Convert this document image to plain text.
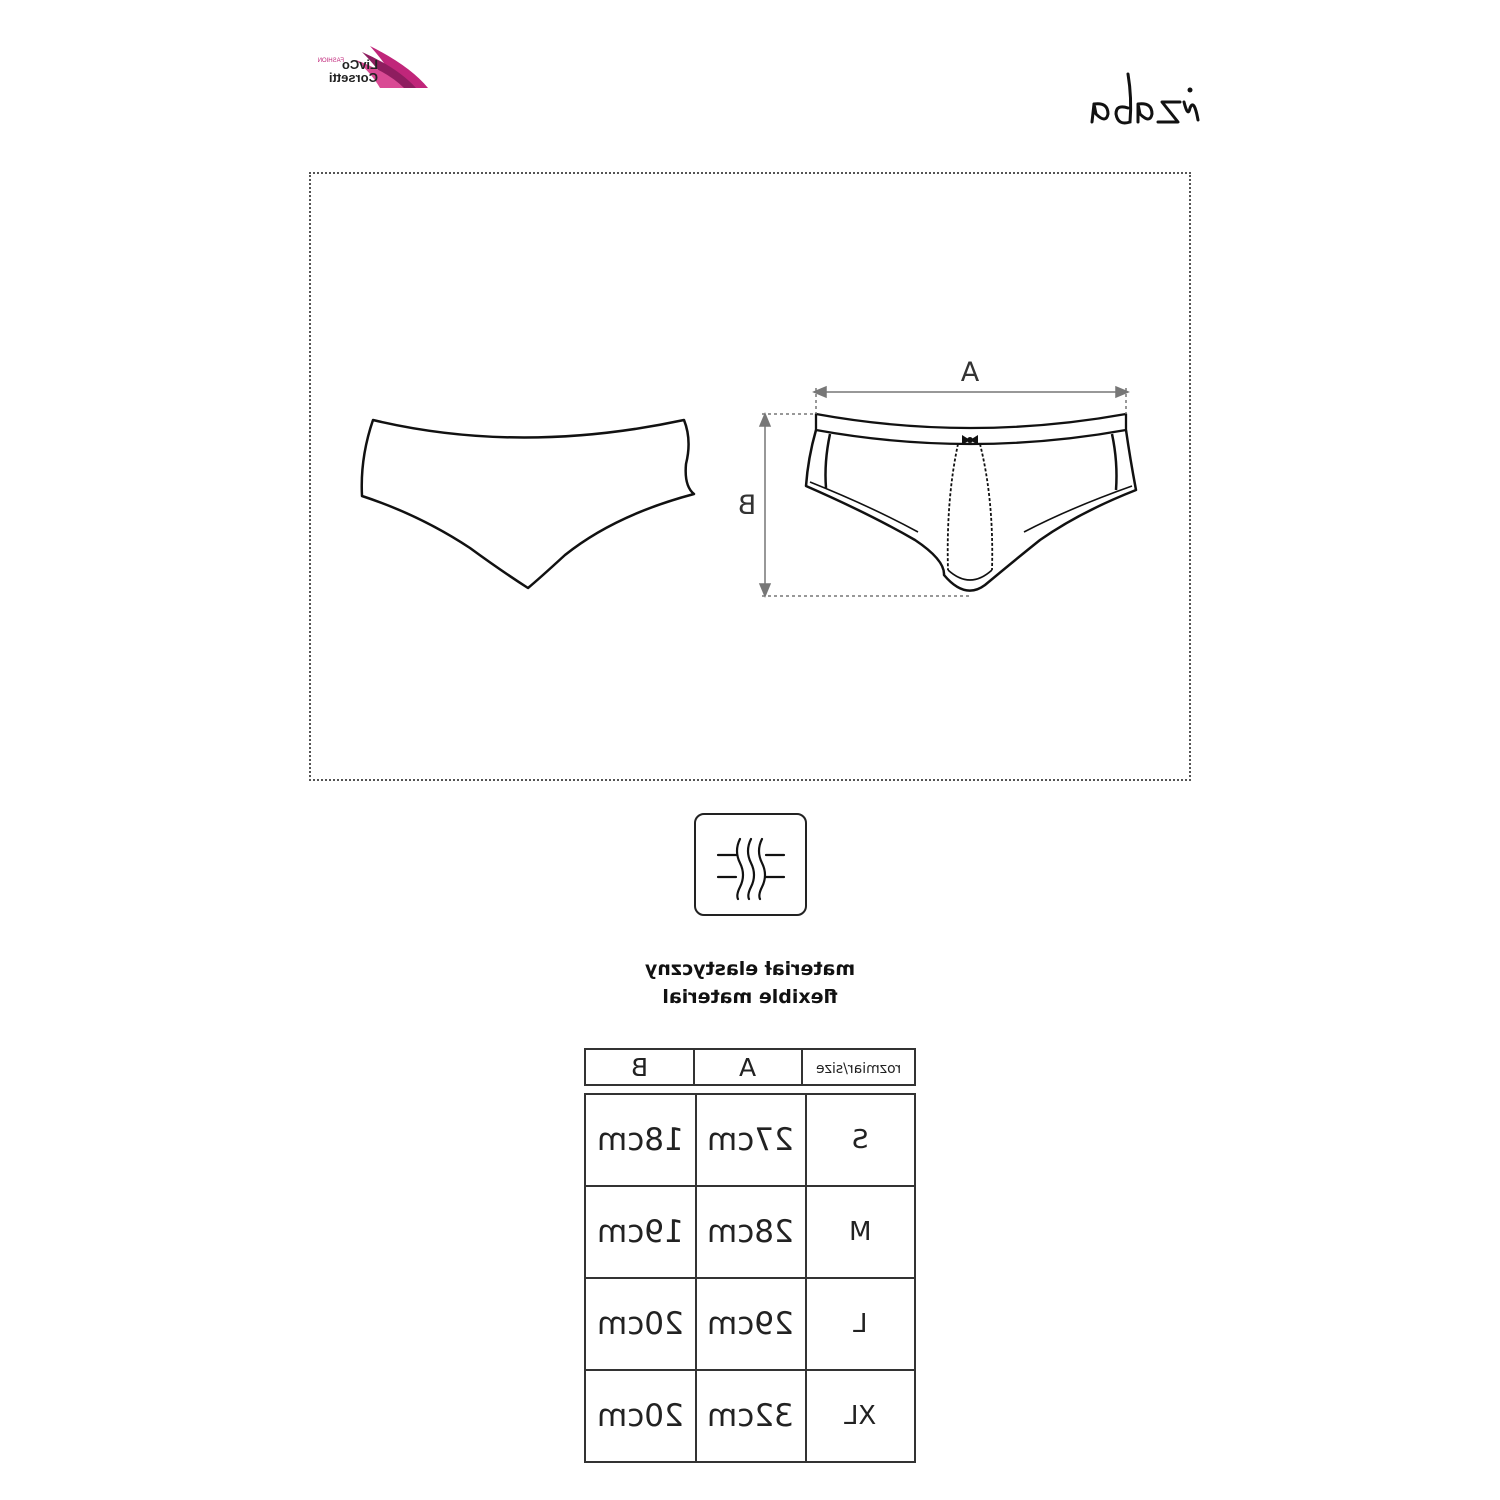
LivCo
Corsetti
FASHION
A
B
materiał elastyczny
flexible material
B	A	rozmiar/size
18cm	27cm	S
19cm	28cm	M
20cm	29cm	L
20cm	32cm	XL
